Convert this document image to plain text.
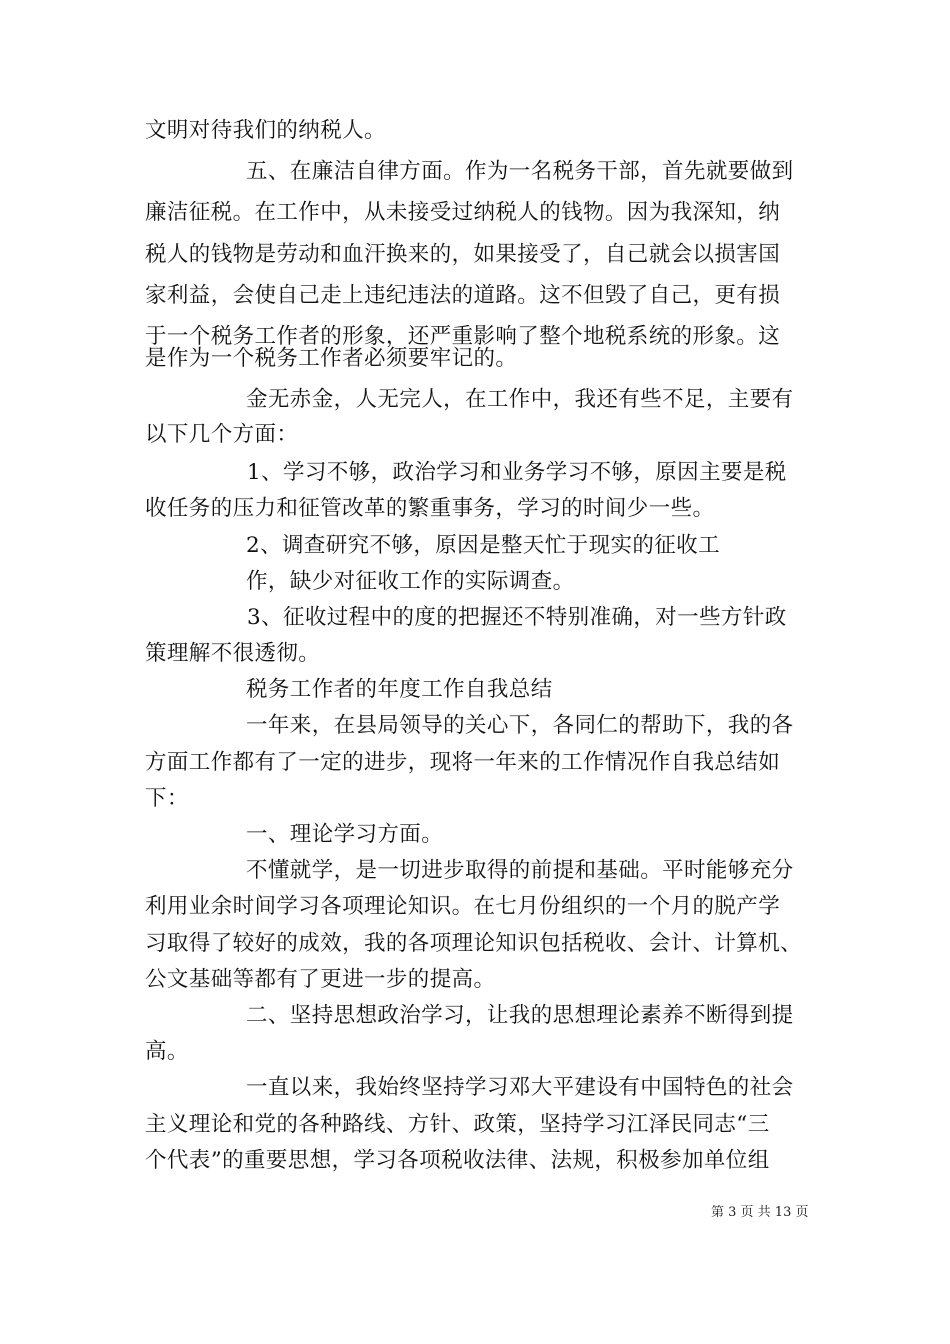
文明对待我们的纳税人。
五、在廉洁自律方面。作为一名税务干部，首先就要做到
廉洁征税。在工作中，从未接受过纳税人的钱物。因为我深知，纳
税人的钱物是劳动和血汗换来的，如果接受了，自己就会以损害国
家利益，会使自己走上违纪违法的道路。这不但毁了自己，更有损
于一个税务工作者的形象，还严重影响了整个地税系统的形象。这
是作为一个税务工作者必须要牢记的。
金无赤金，人无完人，在工作中，我还有些不足，主要有
以下几个方面：
1、学习不够，政治学习和业务学习不够，原因主要是税
收任务的压力和征管改革的繁重事务，学习的时间少一些。
2、调查研究不够，原因是整天忙于现实的征收工
作，缺少对征收工作的实际调查。
3、征收过程中的度的把握还不特别准确，对一些方针政
策理解不很透彻。
税务工作者的年度工作自我总结
一年来，在县局领导的关心下，各同仁的帮助下，我的各
方面工作都有了一定的进步，现将一年来的工作情况作自我总结如
下：
一、理论学习方面。
不懂就学，是一切进步取得的前提和基础。平时能够充分
利用业余时间学习各项理论知识。在七月份组织的一个月的脱产学
习取得了较好的成效，我的各项理论知识包括税收、会计、计算机、
公文基础等都有了更进一步的提高。
二、坚持思想政治学习，让我的思想理论素养不断得到提
高。
一直以来，我始终坚持学习邓大平建设有中国特色的社会
主义理论和党的各种路线、方针、政策，坚持学习江泽民同志“三
个代表”的重要思想，学习各项税收法律、法规，积极参加单位组
第 3 页 共 13 页
